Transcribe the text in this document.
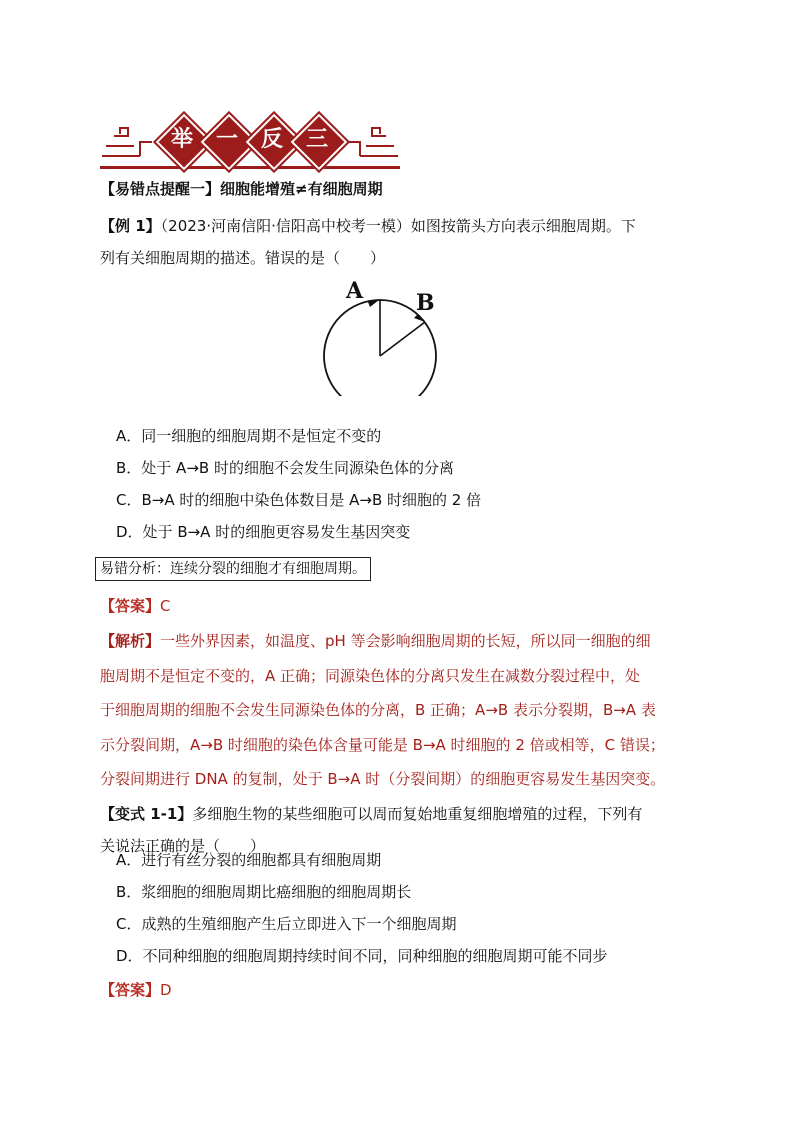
举	一	反	三
【易错点提醒一】细胞能增殖≠有细胞周期
【例 1】（2023·河南信阳·信阳高中校考一模）如图按箭头方向表示细胞周期。下
列有关细胞周期的描述。错误的是（　　）
A B
A．同一细胞的细胞周期不是恒定不变的
B．处于 A→B 时的细胞不会发生同源染色体的分离
C．B→A 时的细胞中染色体数目是 A→B 时细胞的 2 倍
D．处于 B→A 时的细胞更容易发生基因突变
易错分析：连续分裂的细胞才有细胞周期。
【答案】C
【解析】一些外界因素，如温度、pH 等会影响细胞周期的长短，所以同一细胞的细
胞周期不是恒定不变的，A 正确；同源染色体的分离只发生在减数分裂过程中，处
于细胞周期的细胞不会发生同源染色体的分离，B 正确；A→B 表示分裂期，B→A 表
示分裂间期，A→B 时细胞的染色体含量可能是 B→A 时细胞的 2 倍或相等，C 错误；
分裂间期进行 DNA 的复制，处于 B→A 时（分裂间期）的细胞更容易发生基因突变。
【变式 1-1】多细胞生物的某些细胞可以周而复始地重复细胞增殖的过程，下列有
关说法正确的是（　　）
A．进行有丝分裂的细胞都具有细胞周期
B．浆细胞的细胞周期比癌细胞的细胞周期长
C．成熟的生殖细胞产生后立即进入下一个细胞周期
D．不同种细胞的细胞周期持续时间不同，同种细胞的细胞周期可能不同步
【答案】D
